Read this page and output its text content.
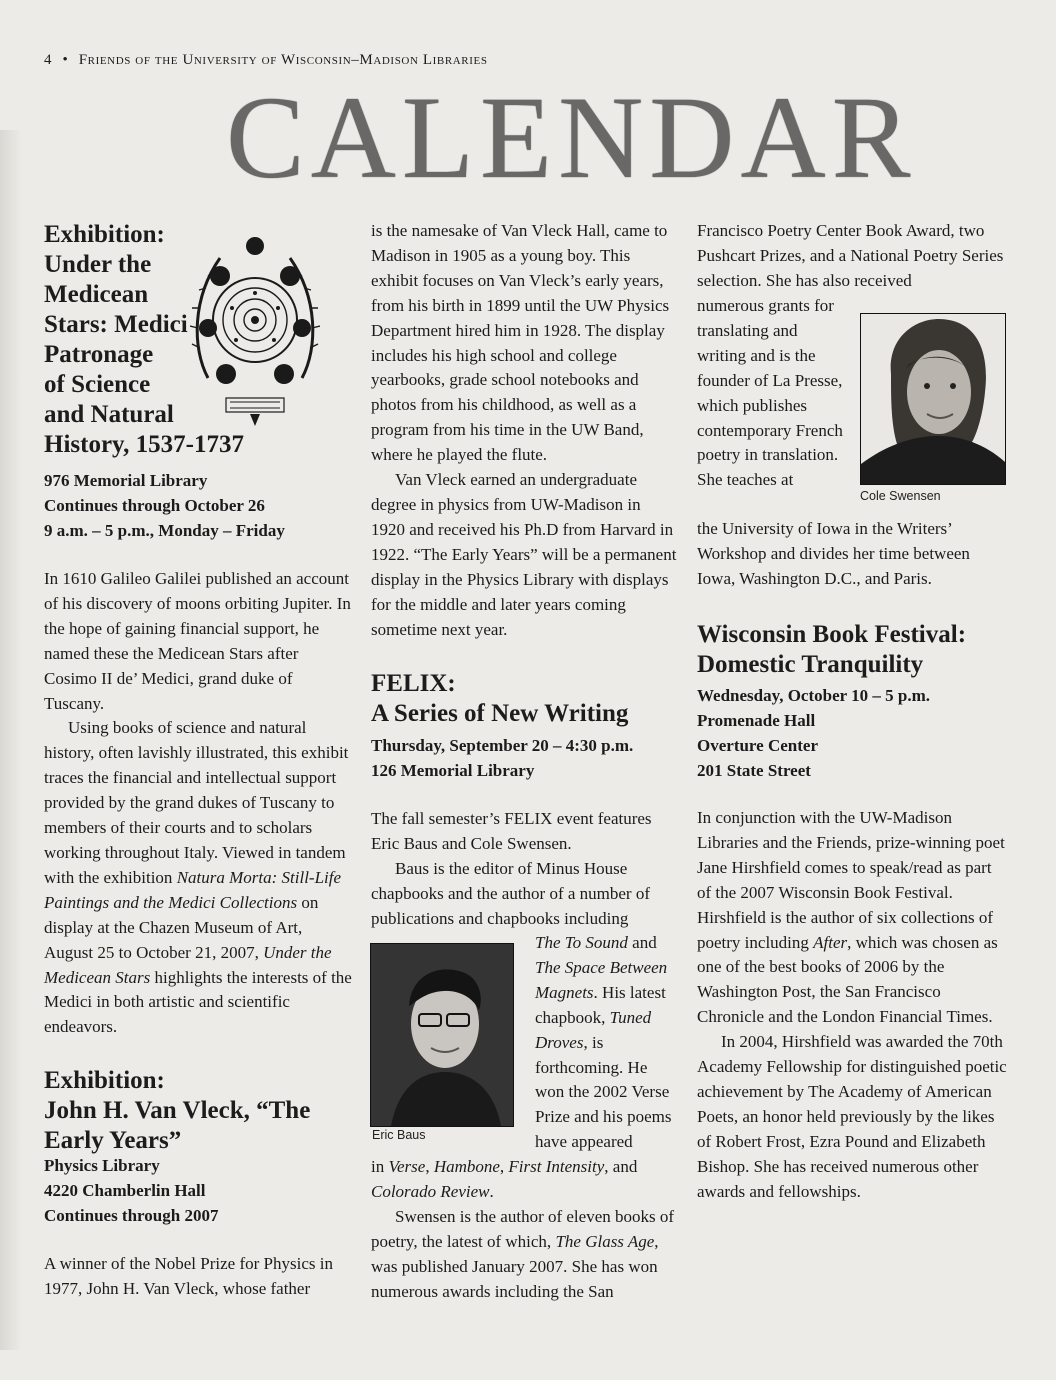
4 • Friends of the University of Wisconsin–Madison Libraries
CALENDAR
Exhibition:
Under the
Medicean
Stars: Medici
Patronage
of Science
and Natural
History, 1537-1737
976 Memorial Library
Continues through October 26
9 a.m. – 5 p.m., Monday – Friday

In 1610 Galileo Galilei published an account of his discovery of moons orbiting Jupiter. In the hope of gaining financial support, he named these the Medicean Stars after Cosimo II de’ Medici, grand duke of Tuscany.

Using books of science and natural history, often lavishly illustrated, this exhibit traces the financial and intellectual support provided by the grand dukes of Tuscany to members of their courts and to scholars working throughout Italy. Viewed in tandem with the exhibition Natura Morta: Still-Life Paintings and the Medici Collections on display at the Chazen Museum of Art, August 25 to October 21, 2007, Under the Medicean Stars highlights the interests of the Medici in both artistic and scientific endeavors.

Exhibition:
John H. Van Vleck, “The
Early Years”
Physics Library
4220 Chamberlin Hall
Continues through 2007

A winner of the Nobel Prize for Physics in 1977, John H. Van Vleck, whose father

is the namesake of Van Vleck Hall, came to Madison in 1905 as a young boy. This exhibit focuses on Van Vleck’s early years, from his birth in 1899 until the UW Physics Department hired him in 1928. The display includes his high school and college yearbooks, grade school notebooks and photos from his childhood, as well as a program from his time in the UW Band, where he played the flute.

Van Vleck earned an undergraduate degree in physics from UW-Madison in 1920 and received his Ph.D from Harvard in 1922. “The Early Years” will be a permanent display in the Physics Library with displays for the middle and later years coming sometime next year.

FELIX:
A Series of New Writing
Thursday, September 20 – 4:30 p.m.
126 Memorial Library

The fall semester’s FELIX event features Eric Baus and Cole Swensen.

Baus is the editor of Minus House chapbooks and the author of a number of publications and chapbooks including

The To Sound and The Space Between Magnets. His latest chapbook, Tuned Droves, is forthcoming. He won the 2002 Verse Prize and his poems have appeared

in Verse, Hambone, First Intensity, and Colorado Review.

Swensen is the author of eleven books of poetry, the latest of which, The Glass Age, was published January 2007. She has won numerous awards including the San

Eric Baus

Francisco Poetry Center Book Award, two Pushcart Prizes, and a National Poetry Series selection. She has also received

numerous grants for translating and writing and is the founder of La Presse, which publishes contemporary French poetry in translation. She teaches at

the University of Iowa in the Writers’ Workshop and divides her time between Iowa, Washington D.C., and Paris.

Wisconsin Book Festival:
Domestic Tranquility
Wednesday, October 10 – 5 p.m.
Promenade Hall
Overture Center
201 State Street

In conjunction with the UW-Madison Libraries and the Friends, prize-winning poet Jane Hirshfield comes to speak/read as part of the 2007 Wisconsin Book Festival. Hirshfield is the author of six collections of poetry including After, which was chosen as one of the best books of 2006 by the Washington Post, the San Francisco Chronicle and the London Financial Times.

In 2004, Hirshfield was awarded the 70th Academy Fellowship for distinguished poetic achievement by The Academy of American Poets, an honor held previously by the likes of Robert Frost, Ezra Pound and Elizabeth Bishop. She has received numerous other awards and fellowships.

Cole Swensen
